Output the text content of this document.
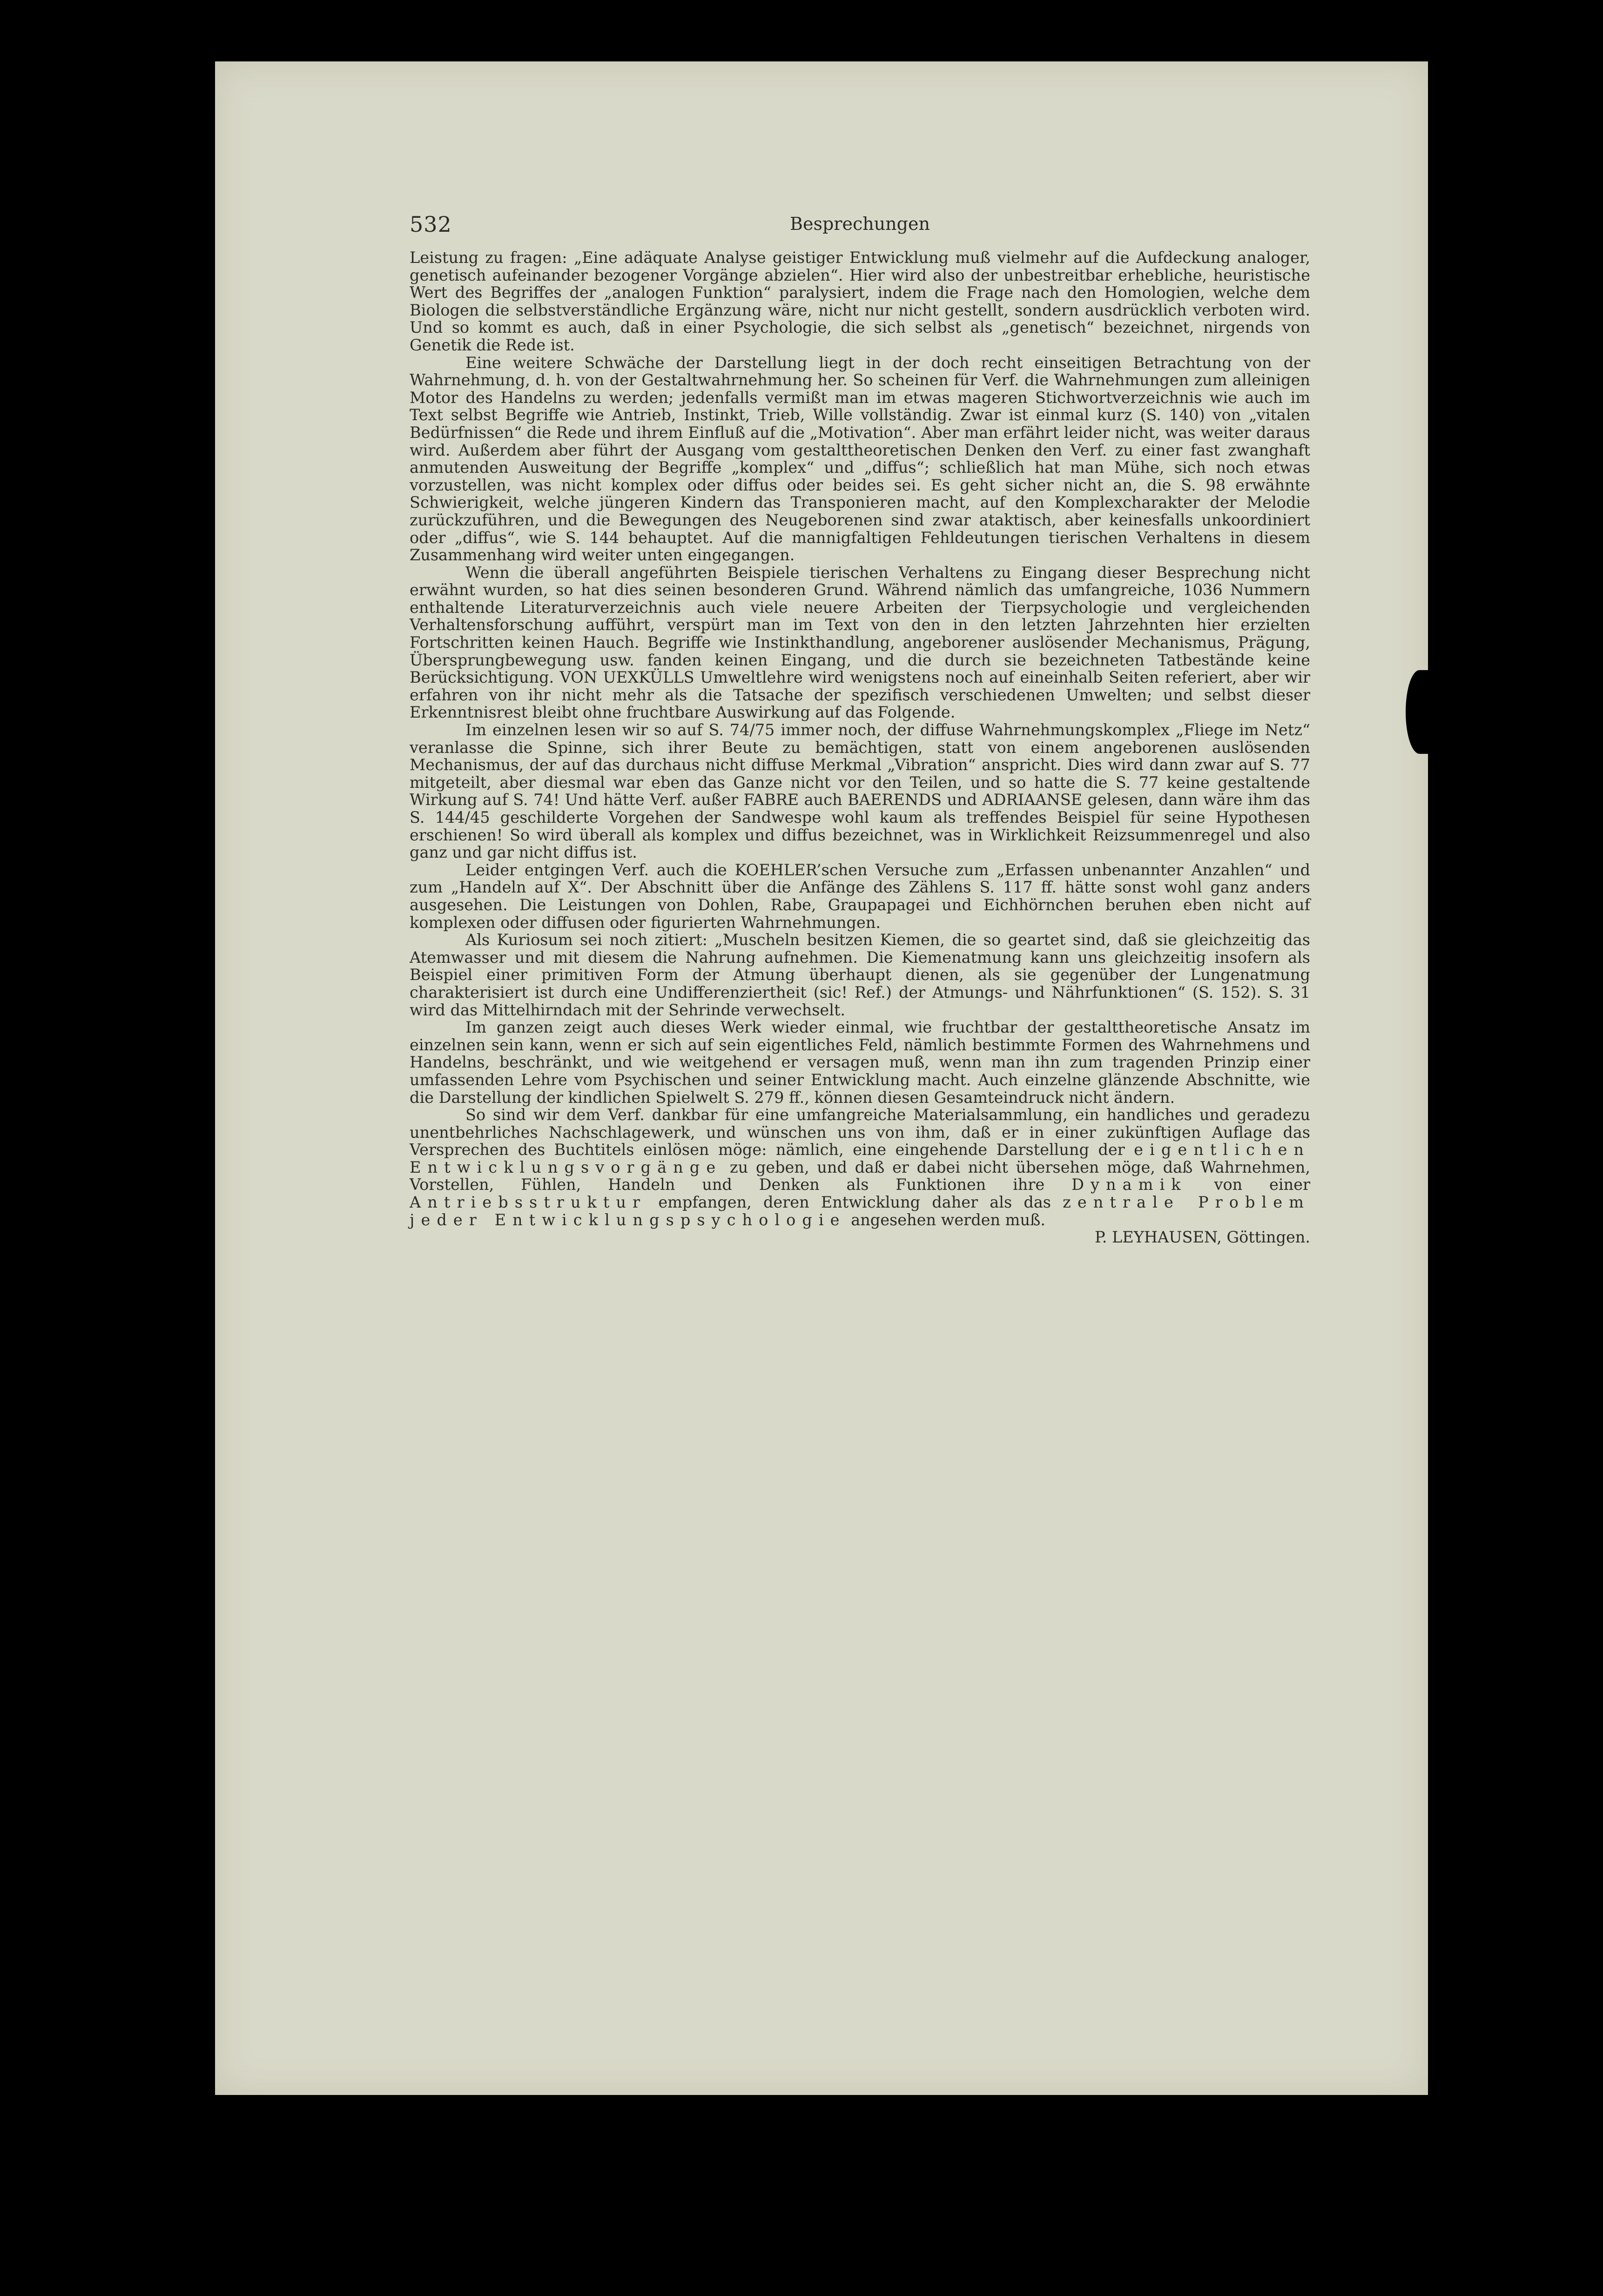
532	Besprechungen

Leistung zu fragen: „Eine adäquate Analyse geistiger Entwicklung muß vielmehr auf die Aufdeckung analoger, genetisch aufeinander bezogener Vorgänge abzielen“. Hier wird also der unbestreitbar erhebliche, heuristische Wert des Begriffes der „analogen Funktion“ paralysiert, indem die Frage nach den Homologien, welche dem Biologen die selbstverständliche Ergänzung wäre, nicht nur nicht gestellt, sondern ausdrücklich verboten wird. Und so kommt es auch, daß in einer Psychologie, die sich selbst als „genetisch“ bezeichnet, nirgends von Genetik die Rede ist.

Eine weitere Schwäche der Darstellung liegt in der doch recht einseitigen Betrachtung von der Wahrnehmung, d. h. von der Gestaltwahrnehmung her. So scheinen für Verf. die Wahrnehmungen zum alleinigen Motor des Handelns zu werden; jedenfalls vermißt man im etwas mageren Stichwortverzeichnis wie auch im Text selbst Begriffe wie Antrieb, Instinkt, Trieb, Wille vollständig. Zwar ist einmal kurz (S. 140) von „vitalen Bedürfnissen“ die Rede und ihrem Einfluß auf die „Motivation“. Aber man erfährt leider nicht, was weiter daraus wird. Außerdem aber führt der Ausgang vom gestalttheoretischen Denken den Verf. zu einer fast zwanghaft anmutenden Ausweitung der Begriffe „komplex“ und „diffus“; schließlich hat man Mühe, sich noch etwas vorzustellen, was nicht komplex oder diffus oder beides sei. Es geht sicher nicht an, die S. 98 erwähnte Schwierigkeit, welche jüngeren Kindern das Transponieren macht, auf den Komplexcharakter der Melodie zurückzuführen, und die Bewegungen des Neugeborenen sind zwar ataktisch, aber keinesfalls unkoordiniert oder „diffus“, wie S. 144 behauptet. Auf die mannigfaltigen Fehldeutungen tierischen Verhaltens in diesem Zusammenhang wird weiter unten eingegangen.

Wenn die überall angeführten Beispiele tierischen Verhaltens zu Eingang dieser Besprechung nicht erwähnt wurden, so hat dies seinen besonderen Grund. Während nämlich das umfangreiche, 1036 Nummern enthaltende Literaturverzeichnis auch viele neuere Arbeiten der Tierpsychologie und vergleichenden Verhaltensforschung aufführt, verspürt man im Text von den in den letzten Jahrzehnten hier erzielten Fortschritten keinen Hauch. Begriffe wie Instinkthandlung, angeborener auslösender Mechanismus, Prägung, Übersprungbewegung usw. fanden keinen Eingang, und die durch sie bezeichneten Tatbestände keine Berücksichtigung. VON UEXKÜLLS Umweltlehre wird wenigstens noch auf eineinhalb Seiten referiert, aber wir erfahren von ihr nicht mehr als die Tatsache der spezifisch verschiedenen Umwelten; und selbst dieser Erkenntnisrest bleibt ohne fruchtbare Auswirkung auf das Folgende.

Im einzelnen lesen wir so auf S. 74/75 immer noch, der diffuse Wahrnehmungskomplex „Fliege im Netz“ veranlasse die Spinne, sich ihrer Beute zu bemächtigen, statt von einem angeborenen auslösenden Mechanismus, der auf das durchaus nicht diffuse Merkmal „Vibration“ anspricht. Dies wird dann zwar auf S. 77 mitgeteilt, aber diesmal war eben das Ganze nicht vor den Teilen, und so hatte die S. 77 keine gestaltende Wirkung auf S. 74! Und hätte Verf. außer FABRE auch BAERENDS und ADRIAANSE gelesen, dann wäre ihm das S. 144/45 geschilderte Vorgehen der Sandwespe wohl kaum als treffendes Beispiel für seine Hypothesen erschienen! So wird überall als komplex und diffus bezeichnet, was in Wirklichkeit Reizsummenregel und also ganz und gar nicht diffus ist.

Leider entgingen Verf. auch die KOEHLER’schen Versuche zum „Erfassen unbenannter Anzahlen“ und zum „Handeln auf X“. Der Abschnitt über die Anfänge des Zählens S. 117 ff. hätte sonst wohl ganz anders ausgesehen. Die Leistungen von Dohlen, Rabe, Graupapagei und Eichhörnchen beruhen eben nicht auf komplexen oder diffusen oder figurierten Wahrnehmungen.

Als Kuriosum sei noch zitiert: „Muscheln besitzen Kiemen, die so geartet sind, daß sie gleichzeitig das Atemwasser und mit diesem die Nahrung aufnehmen. Die Kiemenatmung kann uns gleichzeitig insofern als Beispiel einer primitiven Form der Atmung überhaupt dienen, als sie gegenüber der Lungenatmung charakterisiert ist durch eine Undifferenziertheit (sic! Ref.) der Atmungs- und Nährfunktionen“ (S. 152). S. 31 wird das Mittelhirndach mit der Sehrinde verwechselt.

Im ganzen zeigt auch dieses Werk wieder einmal, wie fruchtbar der gestalttheoretische Ansatz im einzelnen sein kann, wenn er sich auf sein eigentliches Feld, nämlich bestimmte Formen des Wahrnehmens und Handelns, beschränkt, und wie weitgehend er versagen muß, wenn man ihn zum tragenden Prinzip einer umfassenden Lehre vom Psychischen und seiner Entwicklung macht. Auch einzelne glänzende Abschnitte, wie die Darstellung der kindlichen Spielwelt S. 279 ff., können diesen Gesamteindruck nicht ändern.

So sind wir dem Verf. dankbar für eine umfangreiche Materialsammlung, ein handliches und geradezu unentbehrliches Nachschlagewerk, und wünschen uns von ihm, daß er in einer zukünftigen Auflage das Versprechen des Buchtitels einlösen möge: nämlich, eine eingehende Darstellung der eigentlichen Entwicklungsvorgänge zu geben, und daß er dabei nicht übersehen möge, daß Wahrnehmen, Vorstellen, Fühlen, Handeln und Denken als Funktionen ihre Dynamik von einer Antriebsstruktur empfangen, deren Entwicklung daher als das zentrale Problem jeder Entwicklungspsychologie angesehen werden muß.
P. LEYHAUSEN, Göttingen.
